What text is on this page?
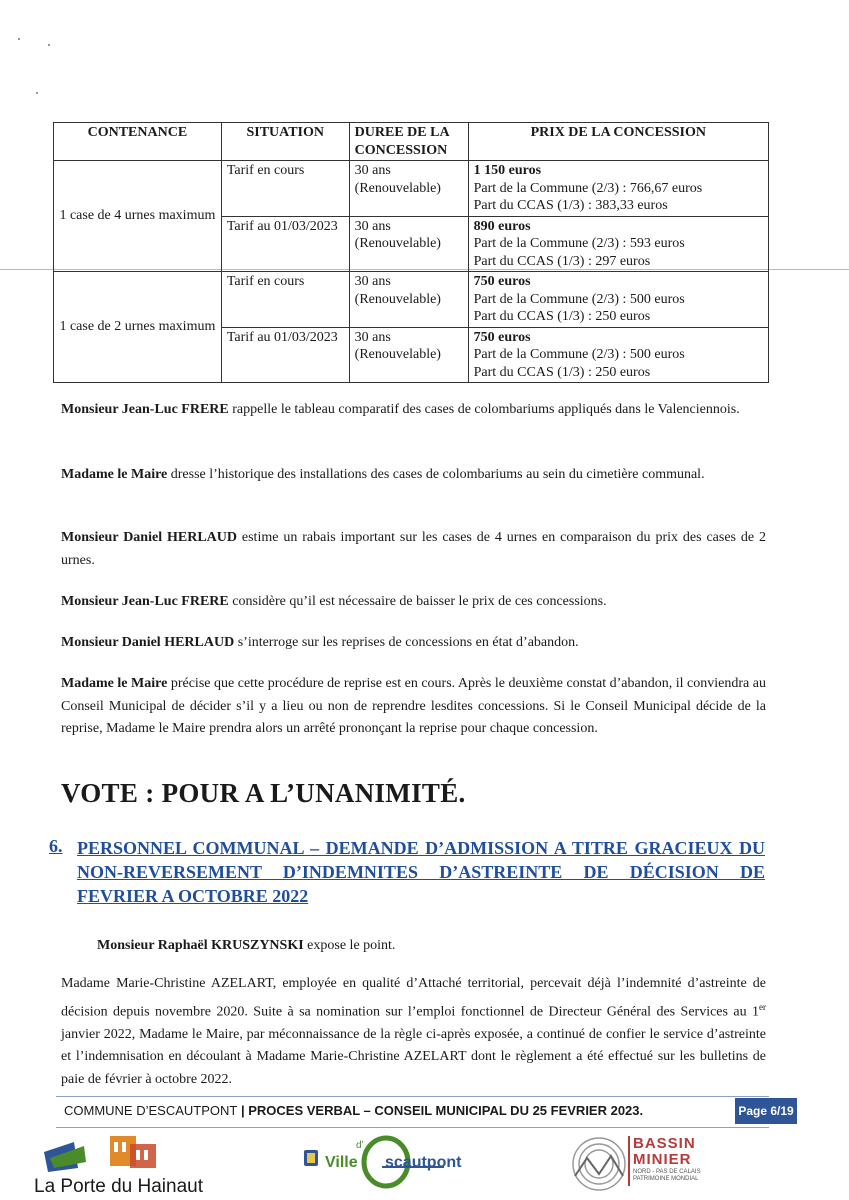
CONTENANCE	SITUATION	DUREE DE LA CONCESSION	PRIX DE LA CONCESSION
1 case de 4 urnes maximum	Tarif en cours	30 ans (Renouvelable)	1 150 euros
Part de la Commune (2/3) : 766,67 euros
Part du CCAS (1/3) : 383,33 euros

	Tarif au 01/03/2023	30 ans (Renouvelable)	890 euros
Part de la Commune (2/3) : 593 euros
Part du CCAS (1/3) : 297 euros

1 case de 2 urnes maximum	Tarif en cours	30 ans (Renouvelable)	750 euros
Part de la Commune (2/3) : 500 euros
Part du CCAS (1/3) : 250 euros

	Tarif au 01/03/2023	30 ans (Renouvelable)	750 euros
Part de la Commune (2/3) : 500 euros
Part du CCAS (1/3) : 250 euros
Monsieur Jean-Luc FRERE rappelle le tableau comparatif des cases de colombariums appliqués dans le Valenciennois.
Madame le Maire dresse l’historique des installations des cases de colombariums au sein du cimetière communal.
Monsieur Daniel HERLAUD estime un rabais important sur les cases de 4 urnes en comparaison du prix des cases de 2 urnes.
Monsieur Jean-Luc FRERE considère qu’il est nécessaire de baisser le prix de ces concessions.
Monsieur Daniel HERLAUD s’interroge sur les reprises de concessions en état d’abandon.
Madame le Maire précise que cette procédure de reprise est en cours. Après le deuxième constat d’abandon, il conviendra au Conseil Municipal de décider s’il y a lieu ou non de reprendre lesdites concessions. Si le Conseil Municipal décide de la reprise, Madame le Maire prendra alors un arrêté prononçant la reprise pour chaque concession.
VOTE : POUR A L’UNANIMITÉ.
6. PERSONNEL COMMUNAL – DEMANDE D’ADMISSION A TITRE GRACIEUX DU NON-REVERSEMENT D’INDEMNITES D’ASTREINTE DE DÉCISION DE FEVRIER A OCTOBRE 2022
Monsieur Raphaël KRUSZYNSKI expose le point.
Madame Marie-Christine AZELART, employée en qualité d’Attaché territorial, percevait déjà l’indemnité d’astreinte de décision depuis novembre 2020. Suite à sa nomination sur l’emploi fonctionnel de Directeur Général des Services au 1er janvier 2022, Madame le Maire, par méconnaissance de la règle ci-après exposée, a continué de confier le service d’astreinte et l’indemnisation en découlant à Madame Marie-Christine AZELART dont le règlement a été effectué sur les bulletins de paie de février à octobre 2022.
COMMUNE D’ESCAUTPONT | PROCES VERBAL – CONSEIL MUNICIPAL DU 25 FEVRIER 2023.	Page 6/19
La Porte du Hainaut
d’
Ville scautpont
BASSIN
MINIER
NORD - PAS DE CALAIS
PATRIMOINE MONDIAL
